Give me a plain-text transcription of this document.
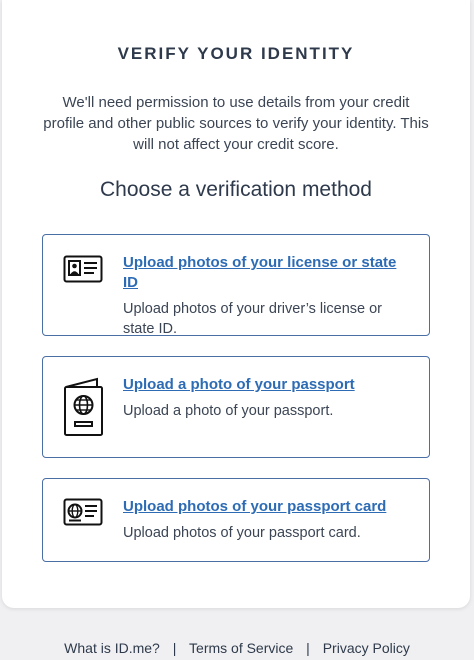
VERIFY YOUR IDENTITY
We'll need permission to use details from your credit profile and other public sources to verify your identity. This will not affect your credit score.
Choose a verification method
Upload photos of your license or state ID
Upload photos of your driver’s license or state ID.
Upload a photo of your passport
Upload a photo of your passport.
Upload photos of your passport card
Upload photos of your passport card.
What is ID.me? | Terms of Service | Privacy Policy
